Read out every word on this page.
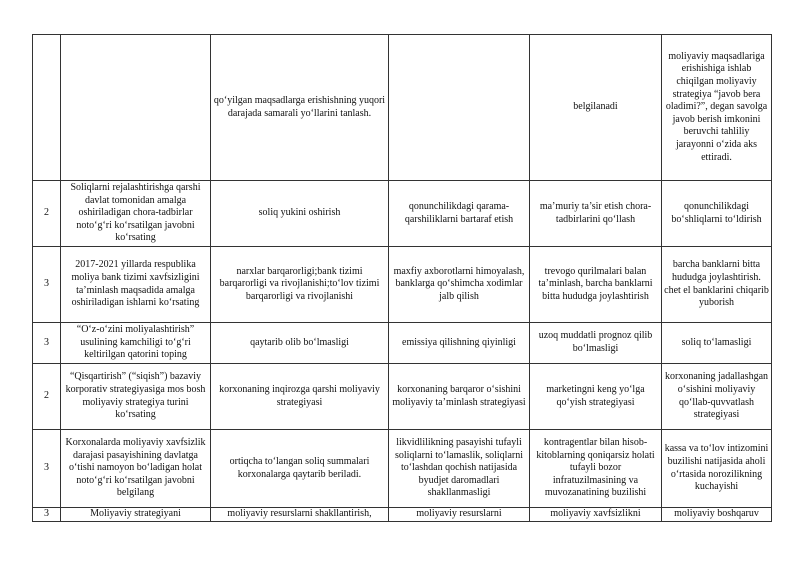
		qo‘yilgan maqsadlarga erishishning yuqori darajada samarali yo‘llarini tanlash.		belgilanadi	moliyaviy maqsadlariga erishishiga ishlab chiqilgan moliyaviy strategiya “javob bera oladimi?”, degan savolga javob berish imkonini beruvchi tahliliy jarayonni o‘zida aks ettiradi.
2	Soliqlarni rejalashtirishga qarshi davlat tomonidan amalga oshiriladigan chora-tadbirlar noto‘g‘ri ko‘rsatilgan javobni ko‘rsating	soliq yukini oshirish	qonunchilikdagi qarama-qarshiliklarni bartaraf etish	ma’muriy ta’sir etish chora-tadbirlarini qo‘llash	qonunchilikdagi bo‘shliqlarni to‘ldirish
3	2017-2021 yillarda respublika moliya bank tizimi xavfsizligini ta’minlash maqsadida amalga oshiriladigan ishlarni ko‘rsating	narxlar barqarorligi;bank tizimi barqarorligi va rivojlanishi;to‘lov tizimi barqarorligi va rivojlanishi	maxfiy axborotlarni himoyalash, banklarga qo‘shimcha xodimlar jalb qilish	trevogo qurilmalari balan ta’minlash, barcha banklarni bitta hududga joylashtirish	barcha banklarni bitta hududga joylashtirish. chet el banklarini chiqarib yuborish
3	“O‘z-o‘zini moliyalashtirish” usulining kamchiligi to‘g‘ri keltirilgan qatorini toping	qaytarib olib bo‘lmasligi	emissiya qilishning qiyinligi	uzoq muddatli prognoz qilib bo‘lmasligi	soliq to‘lamasligi
2	“Qisqartirish” (“siqish”) bazaviy korporativ strategiyasiga mos bosh moliyaviy strategiya turini ko‘rsating	korxonaning inqirozga qarshi moliyaviy strategiyasi	korxonaning barqaror o‘sishini moliyaviy ta’minlash strategiyasi	marketingni keng yo‘lga qo‘yish strategiyasi	korxonaning jadallashgan o‘sishini moliyaviy qo‘llab-quvvatlash strategiyasi
3	Korxonalarda moliyaviy xavfsizlik darajasi pasayishining davlatga o‘tishi namoyon bo‘ladigan holat noto‘g‘ri ko‘rsatilgan javobni belgilang	ortiqcha to‘langan soliq summalari korxonalarga qaytarib beriladi.	likvidlilikning pasayishi tufayli soliqlarni to‘lamaslik, soliqlarni to‘lashdan qochish natijasida byudjet daromadlari shakllanmasligi	kontragentlar bilan hisob-kitoblarning qoniqarsiz holati tufayli bozor infratuzilmasining va muvozanatining buzilishi	kassa va to‘lov intizomini buzilishi natijasida aholi o‘rtasida norozilikning kuchayishi
3	Moliyaviy strategiyani	moliyaviy resurslarni shakllantirish,	moliyaviy resurslarni	moliyaviy xavfsizlikni	moliyaviy boshqaruv
